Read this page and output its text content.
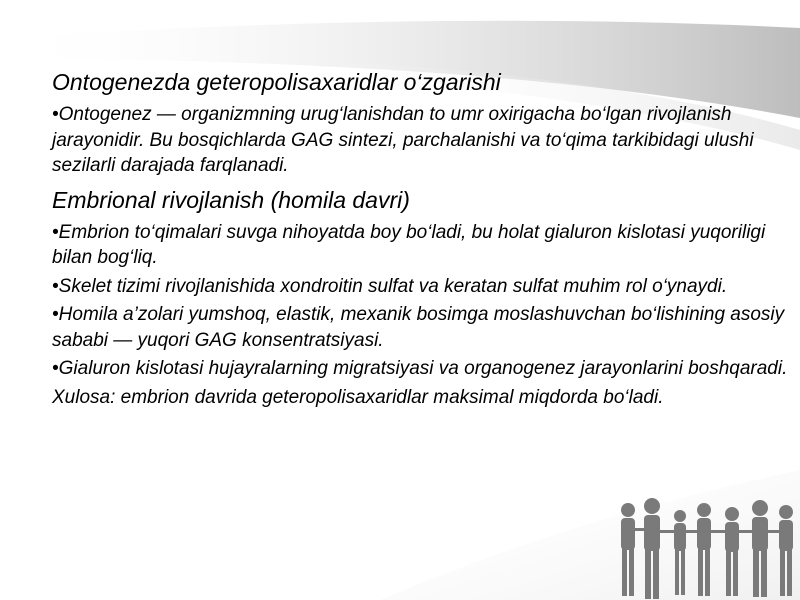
Ontogenezda geteropolisaxaridlar o‘zgarishi

•Ontogenez — organizmning urug‘lanishdan to umr oxirigacha bo‘lgan rivojlanish jarayonidir. Bu bosqichlarda GAG sintezi, parchalanishi va to‘qima tarkibidagi ulushi sezilarli darajada farqlanadi.

Embrional rivojlanish (homila davri)

•Embrion to‘qimalari suvga nihoyatda boy bo‘ladi, bu holat gialuron kislotasi yuqoriligi bilan bog‘liq.

•Skelet tizimi rivojlanishida xondroitin sulfat va keratan sulfat muhim rol o‘ynaydi.

•Homila a’zolari yumshoq, elastik, mexanik bosimga moslashuvchan bo‘lishining asosiy sababi — yuqori GAG konsentratsiyasi.

•Gialuron kislotasi hujayralarning migratsiyasi va organogenez jarayonlarini boshqaradi.

Xulosa: embrion davrida geteropolisaxaridlar maksimal miqdorda bo‘ladi.
